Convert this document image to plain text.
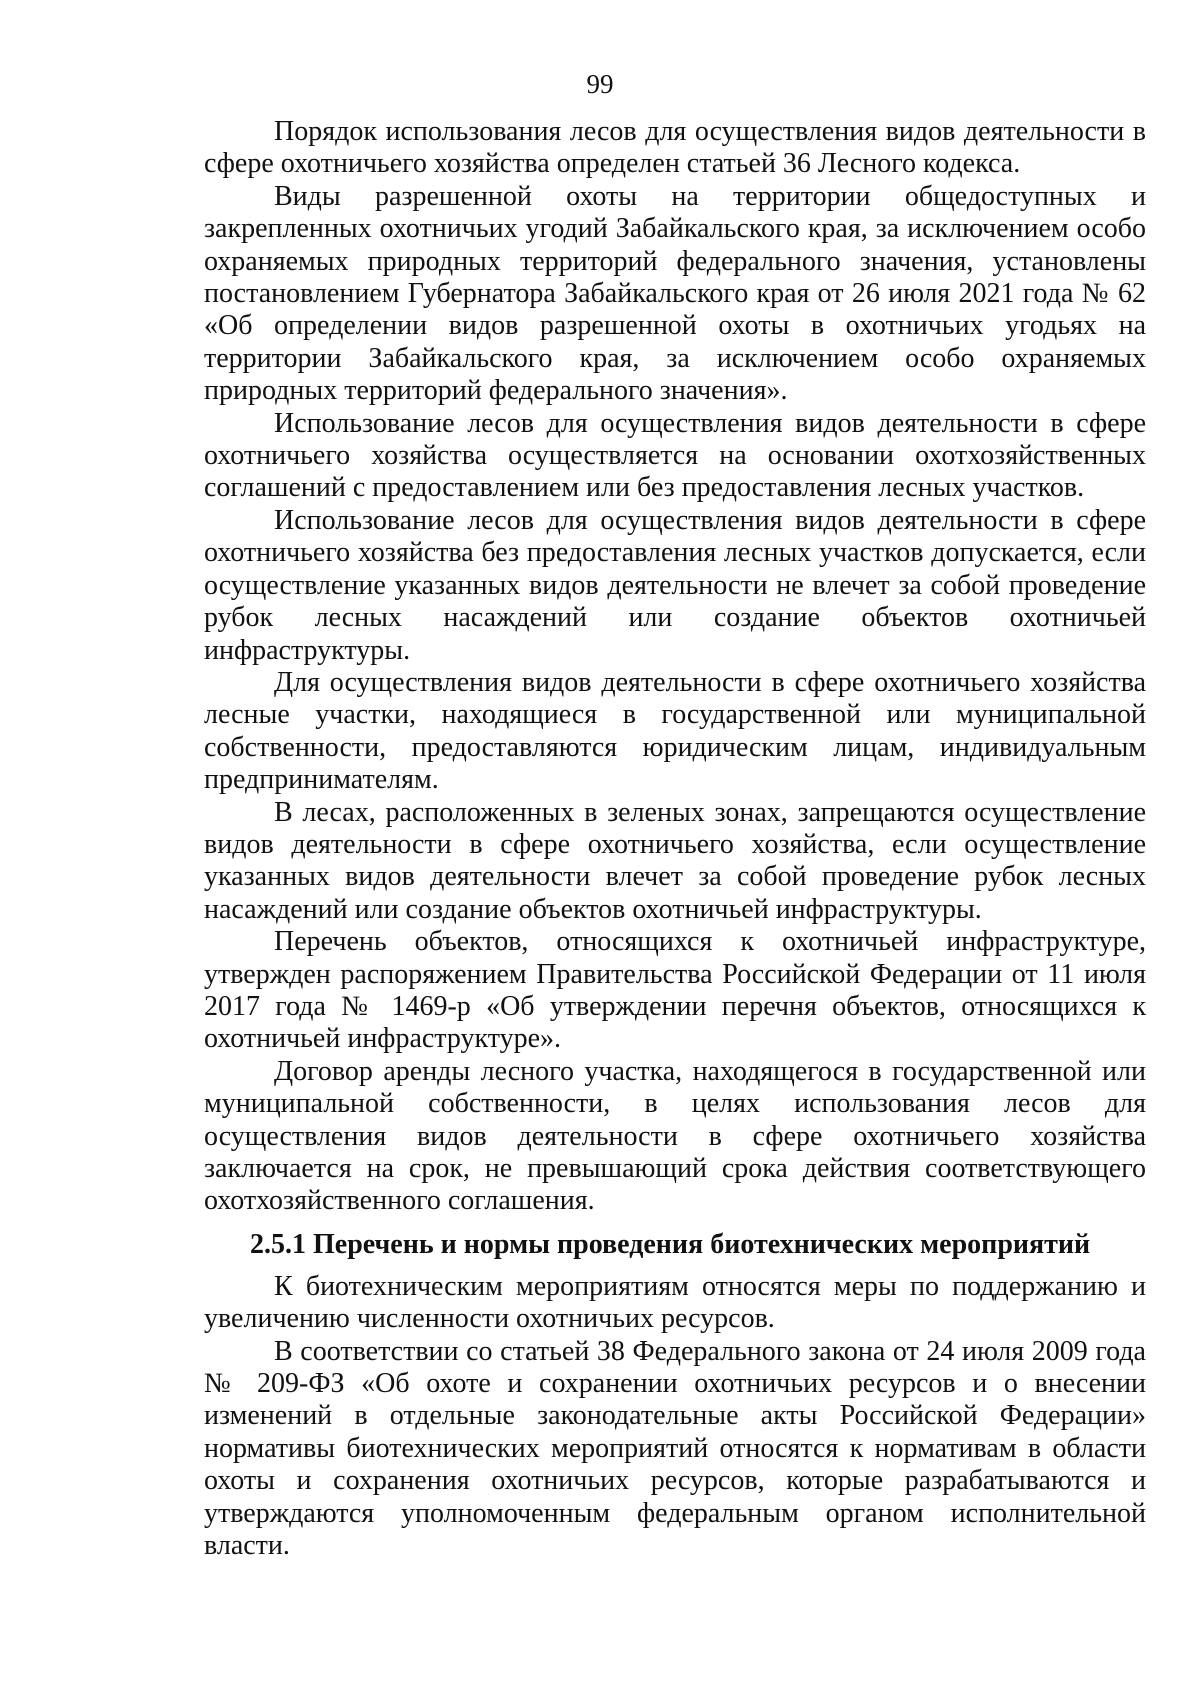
99

Порядок использования лесов для осуществления видов деятельности в сфере охотничьего хозяйства определен статьей 36 Лесного кодекса.

Виды разрешенной охоты на территории общедоступных и закрепленных охотничьих угодий Забайкальского края, за исключением особо охраняемых природных территорий федерального значения, установлены постановлением Губернатора Забайкальского края от 26 июля 2021 года № 62 «Об определении видов разрешенной охоты в охотничьих угодьях на территории Забайкальского края, за исключением особо охраняемых природных территорий федерального значения».

Использование лесов для осуществления видов деятельности в сфере охотничьего хозяйства осуществляется на основании охотхозяйственных соглашений с предоставлением или без предоставления лесных участков.

Использование лесов для осуществления видов деятельности в сфере охотничьего хозяйства без предоставления лесных участков допускается, если осуществление указанных видов деятельности не влечет за собой проведение рубок лесных насаждений или создание объектов охотничьей инфраструктуры.

Для осуществления видов деятельности в сфере охотничьего хозяйства лесные участки, находящиеся в государственной или муниципальной собственности, предоставляются юридическим лицам, индивидуальным предпринимателям.

В лесах, расположенных в зеленых зонах, запрещаются осуществление видов деятельности в сфере охотничьего хозяйства, если осуществление указанных видов деятельности влечет за собой проведение рубок лесных насаждений или создание объектов охотничьей инфраструктуры.

Перечень объектов, относящихся к охотничьей инфраструктуре, утвержден распоряжением Правительства Российской Федерации от 11 июля 2017 года № 1469-р «Об утверждении перечня объектов, относящихся к охотничьей инфраструктуре».

Договор аренды лесного участка, находящегося в государственной или муниципальной собственности, в целях использования лесов для осуществления видов деятельности в сфере охотничьего хозяйства заключается на срок, не превышающий срока действия соответствующего охотхозяйственного соглашения.

2.5.1 Перечень и нормы проведения биотехнических мероприятий

К биотехническим мероприятиям относятся меры по поддержанию и увеличению численности охотничьих ресурсов.

В соответствии со статьей 38 Федерального закона от 24 июля 2009 года № 209-ФЗ «Об охоте и сохранении охотничьих ресурсов и о внесении изменений в отдельные законодательные акты Российской Федерации» нормативы биотехнических мероприятий относятся к нормативам в области охоты и сохранения охотничьих ресурсов, которые разрабатываются и утверждаются уполномоченным федеральным органом исполнительной власти.
